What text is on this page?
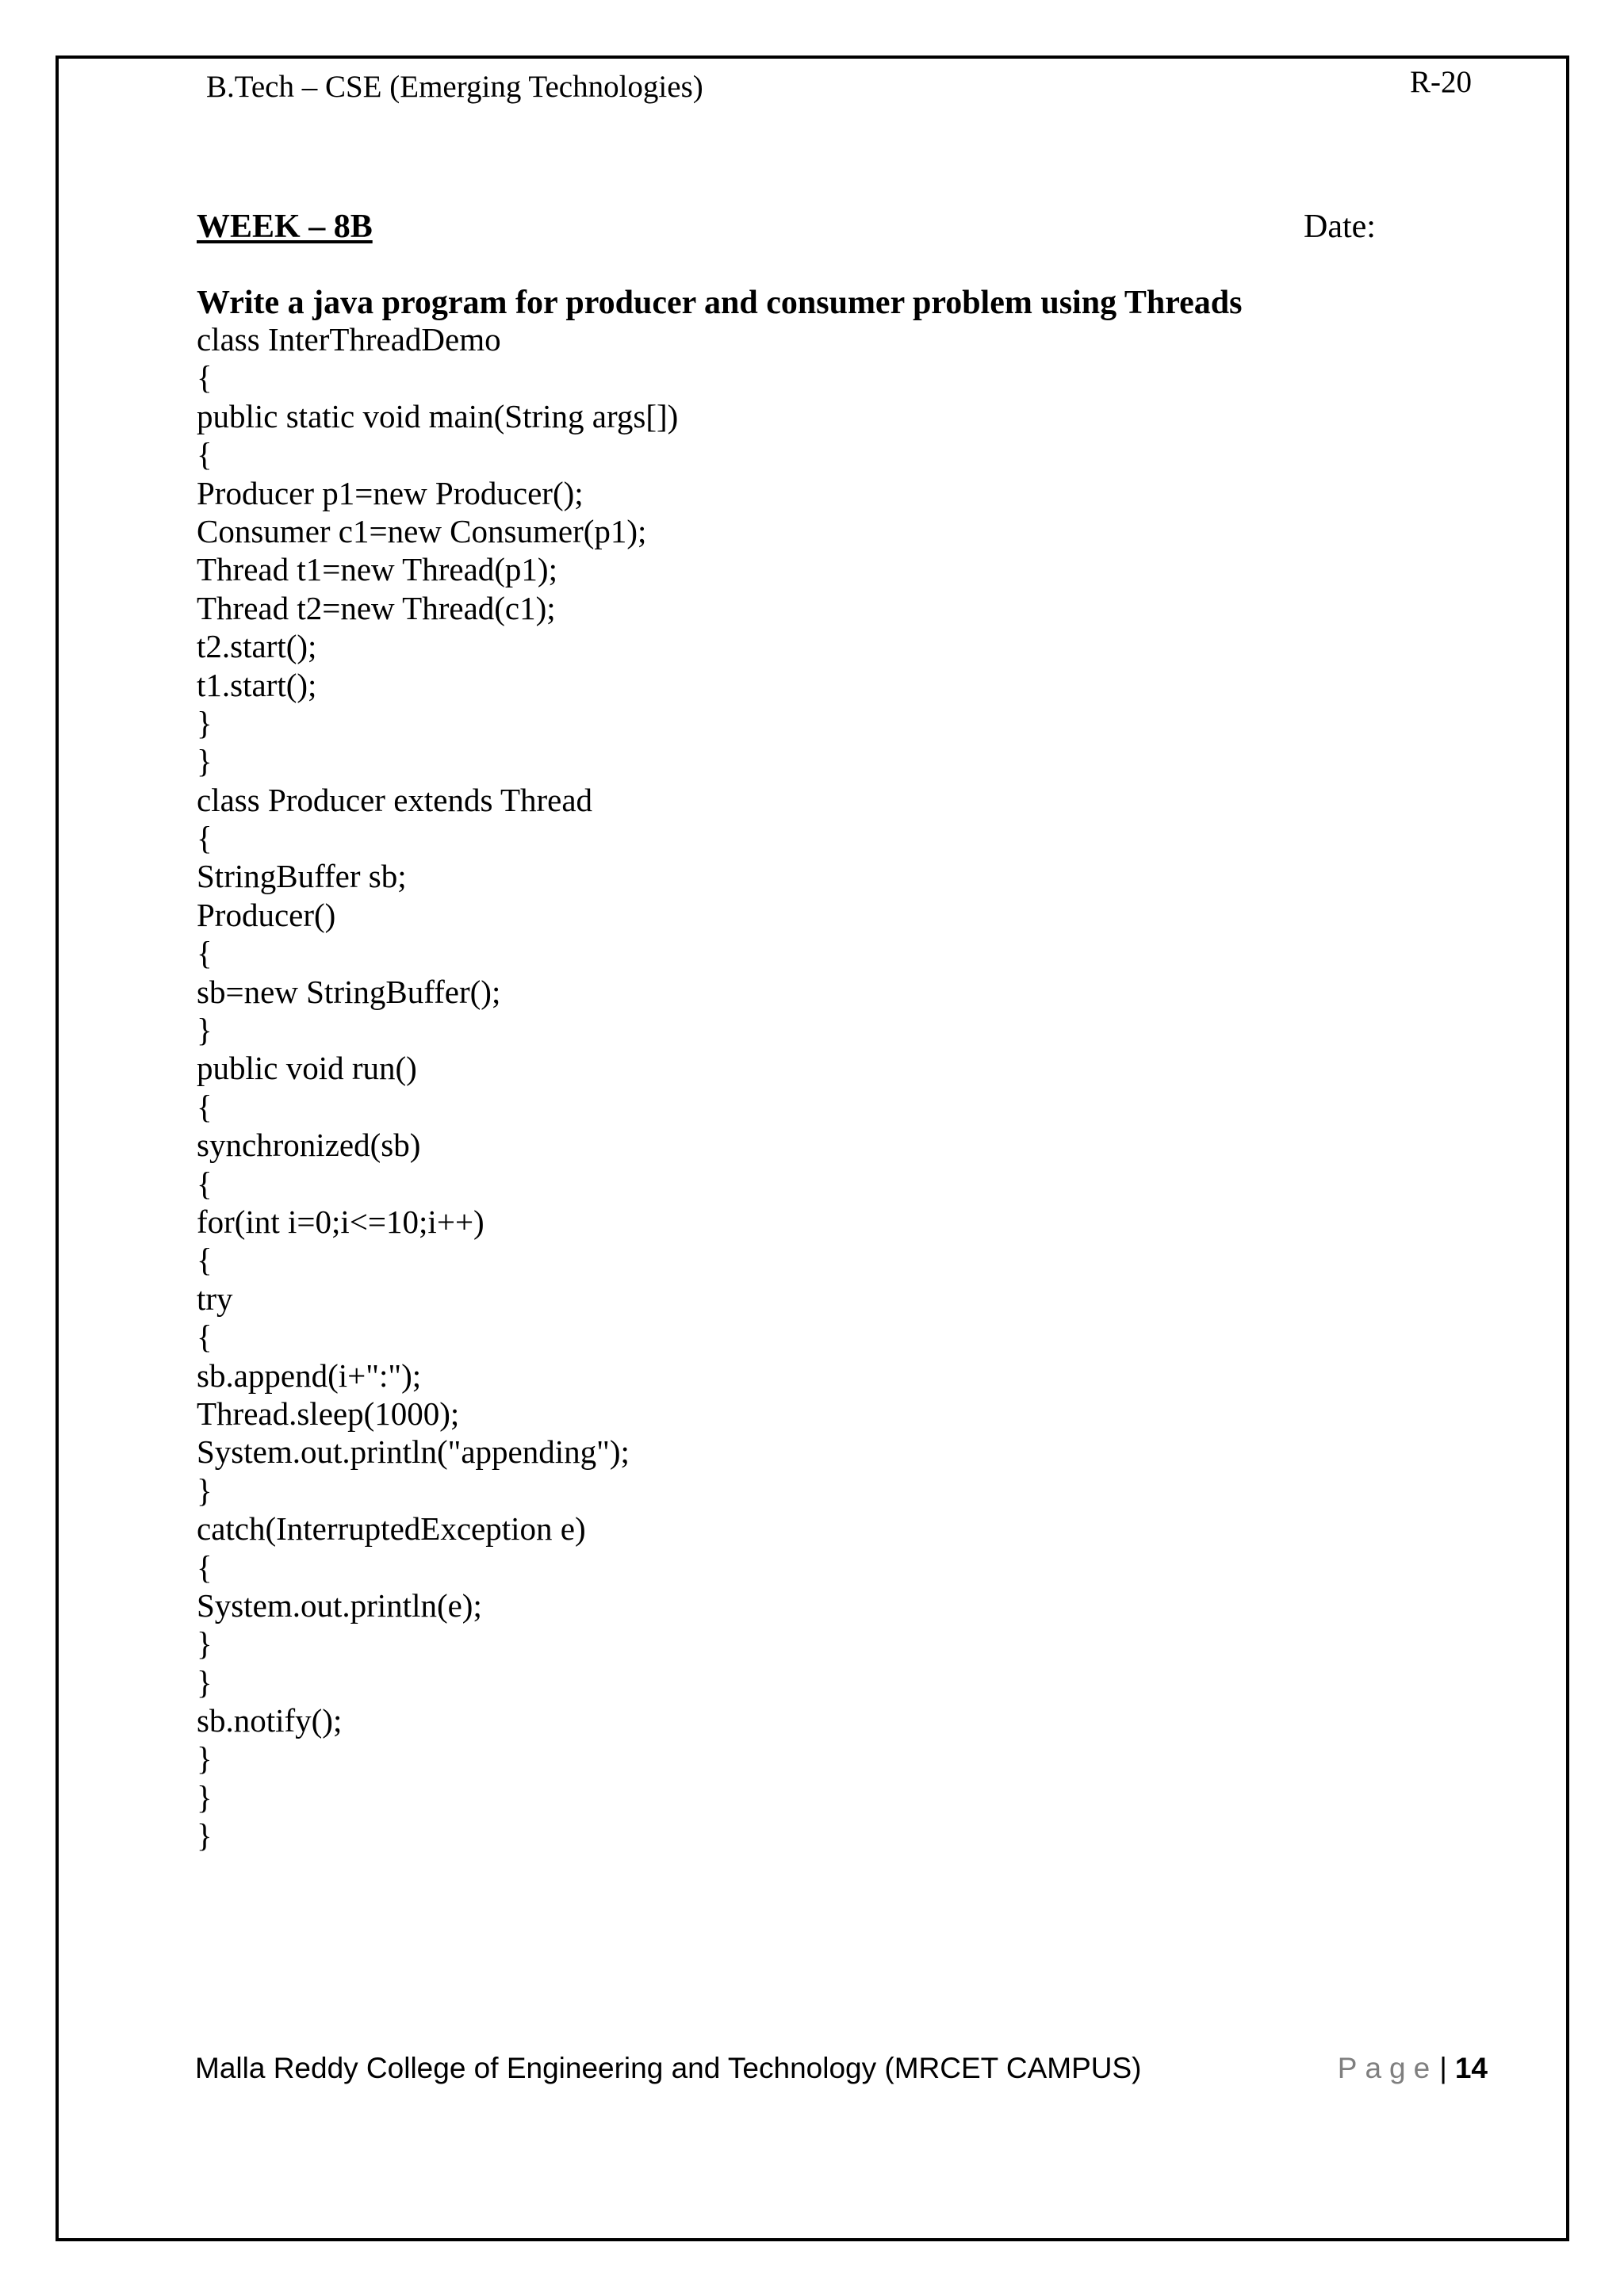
B.Tech – CSE (Emerging Technologies)	R-20
WEEK – 8B	Date:
Write a java program for producer and consumer problem using Threads
class InterThreadDemo
{
public static void main(String args[])
{
Producer p1=new Producer();
Consumer c1=new Consumer(p1);
Thread t1=new Thread(p1);
Thread t2=new Thread(c1);
t2.start();
t1.start();
}
}
class Producer extends Thread
{
StringBuffer sb;
Producer()
{
sb=new StringBuffer();
}
public void run()
{
synchronized(sb)
{
for(int i=0;i<=10;i++)
{
try
{
sb.append(i+":");
Thread.sleep(1000);
System.out.println("appending");
}
catch(InterruptedException e)
{
System.out.println(e);
}
}
sb.notify();
}
}
}
Malla Reddy College of Engineering and Technology (MRCET CAMPUS)	Page| 14
